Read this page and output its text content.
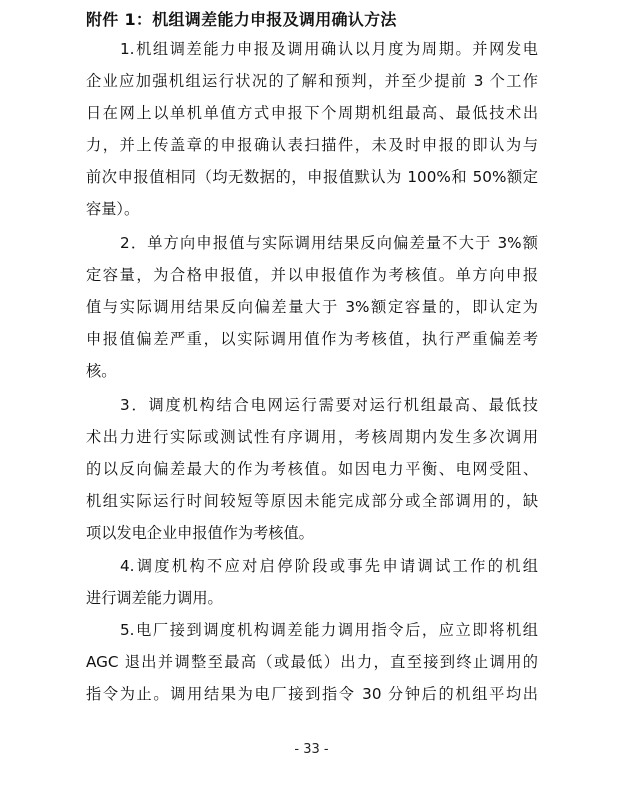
附件 1：机组调差能力申报及调用确认方法
1.机组调差能力申报及调用确认以月度为周期。并网发电
企业应加强机组运行状况的了解和预判，并至少提前 3 个工作
日在网上以单机单值方式申报下个周期机组最高、最低技术出
力，并上传盖章的申报确认表扫描件，未及时申报的即认为与
前次申报值相同（均无数据的，申报值默认为 100%和 50%额定
容量）。
2．单方向申报值与实际调用结果反向偏差量不大于 3%额
定容量，为合格申报值，并以申报值作为考核值。单方向申报
值与实际调用结果反向偏差量大于 3%额定容量的，即认定为
申报值偏差严重，以实际调用值作为考核值，执行严重偏差考
核。
3．调度机构结合电网运行需要对运行机组最高、最低技
术出力进行实际或测试性有序调用，考核周期内发生多次调用
的以反向偏差最大的作为考核值。如因电力平衡、电网受阻、
机组实际运行时间较短等原因未能完成部分或全部调用的，缺
项以发电企业申报值作为考核值。
4.调度机构不应对启停阶段或事先申请调试工作的机组
进行调差能力调用。
5.电厂接到调度机构调差能力调用指令后，应立即将机组
AGC 退出并调整至最高（或最低）出力，直至接到终止调用的
指令为止。调用结果为电厂接到指令 30 分钟后的机组平均出
- 33 -
